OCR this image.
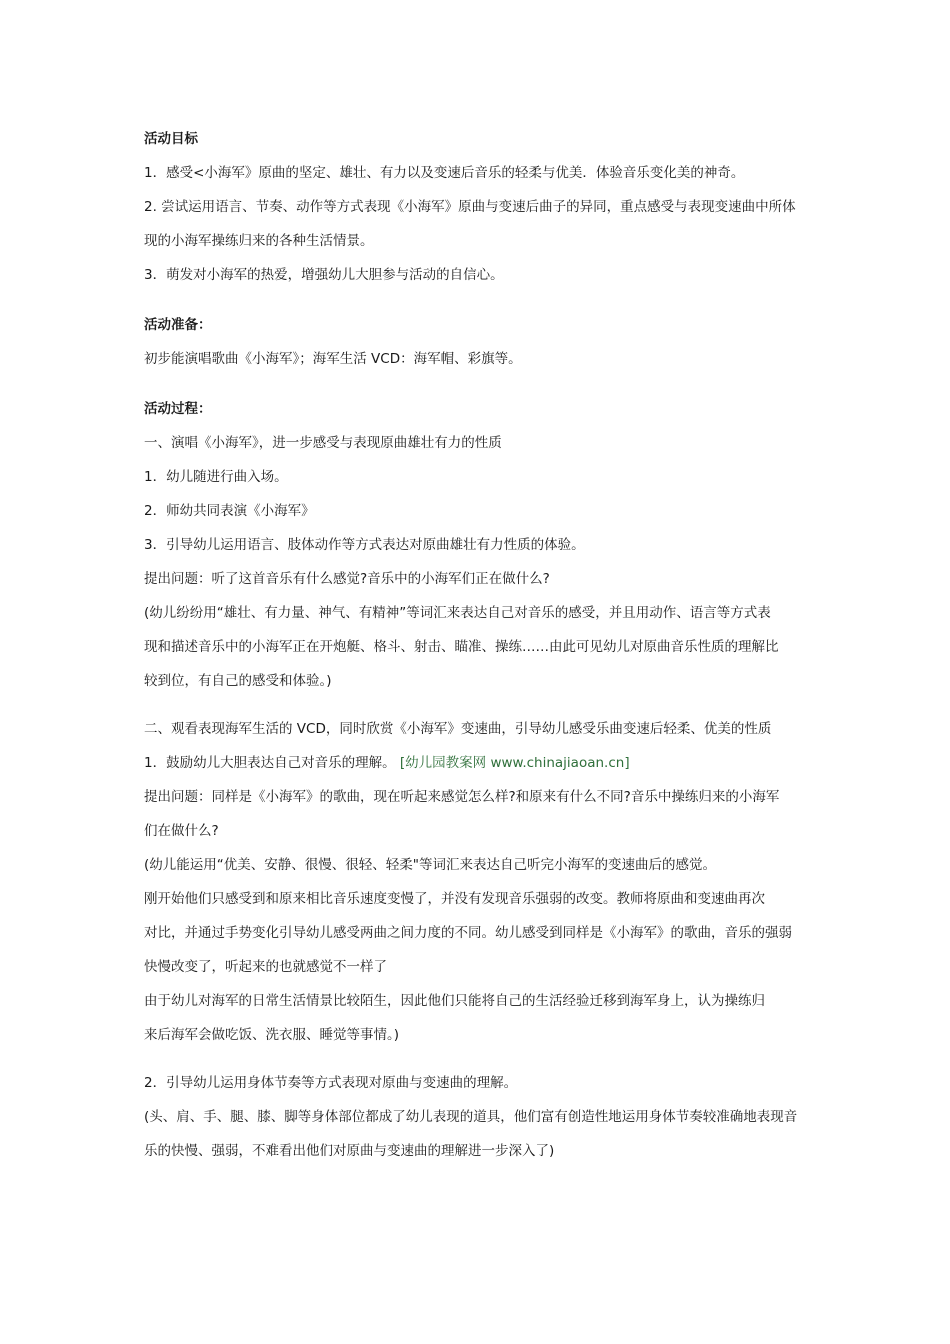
活动目标

1．感受<小海军》原曲的坚定、雄壮、有力以及变速后音乐的轻柔与优美．体验音乐变化美的神奇。

2. 尝试运用语言、节奏、动作等方式表现《小海军》原曲与变速后曲子的异同，重点感受与表现变速曲中所体

现的小海军操练归来的各种生活情景。

3．萌发对小海军的热爱，增强幼儿大胆参与活动的自信心。

活动准备：

初步能演唱歌曲《小海军》；海军生活 VCD：海军帽、彩旗等。

活动过程：

一、演唱《小海军》，进一步感受与表现原曲雄壮有力的性质

1．幼儿随进行曲入场。

2．师幼共同表演《小海军》

3．引导幼儿运用语言、肢体动作等方式表达对原曲雄壮有力性质的体验。

提出问题：听了这首音乐有什么感觉?音乐中的小海军们正在做什么?

(幼儿纷纷用“雄壮、有力量、神气、有精神”等词汇来表达自己对音乐的感受，并且用动作、语言等方式表

现和描述音乐中的小海军正在开炮艇、格斗、射击、瞄准、操练……由此可见幼儿对原曲音乐性质的理解比

较到位，有自己的感受和体验。)

二、观看表现海军生活的 VCD，同时欣赏《小海军》变速曲，引导幼儿感受乐曲变速后轻柔、优美的性质

1．鼓励幼儿大胆表达自己对音乐的理解。 [幼儿园教案网 www.chinajiaoan.cn]

提出问题：同样是《小海军》的歌曲，现在听起来感觉怎么样?和原来有什么不同?音乐中操练归来的小海军

们在做什么?

(幼儿能运用“优美、安静、很慢、很轻、轻柔"等词汇来表达自己听完小海军的变速曲后的感觉。

刚开始他们只感受到和原来相比音乐速度变慢了，并没有发现音乐强弱的改变。教师将原曲和变速曲再次

对比，并通过手势变化引导幼儿感受两曲之间力度的不同。幼儿感受到同样是《小海军》的歌曲，音乐的强弱

快慢改变了，听起来的也就感觉不一样了

由于幼儿对海军的日常生活情景比较陌生，因此他们只能将自己的生活经验迁移到海军身上，认为操练归

来后海军会做吃饭、洗衣服、睡觉等事情。)

2．引导幼儿运用身体节奏等方式表现对原曲与变速曲的理解。

(头、肩、手、腿、膝、脚等身体部位都成了幼儿表现的道具，他们富有创造性地运用身体节奏较准确地表现音

乐的快慢、强弱，不难看出他们对原曲与变速曲的理解进一步深入了)
